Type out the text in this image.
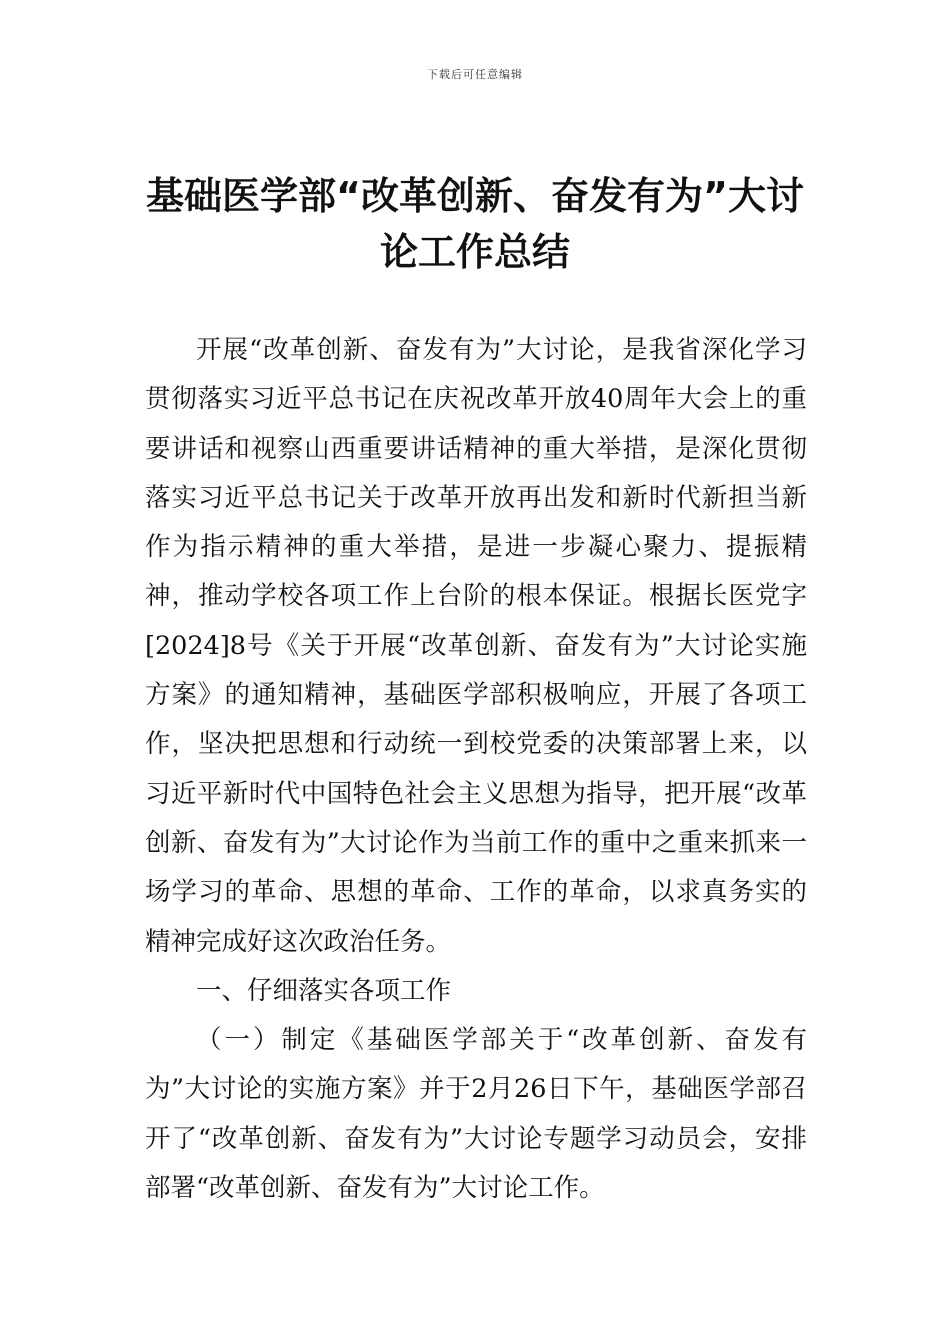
下载后可任意编辑
基础医学部“改革创新、奋发有为”大讨论工作总结

开展“改革创新、奋发有为”大讨论，是我省深化学习贯彻落实习近平总书记在庆祝改革开放40周年大会上的重要讲话和视察山西重要讲话精神的重大举措，是深化贯彻落实习近平总书记关于改革开放再出发和新时代新担当新作为指示精神的重大举措，是进一步凝心聚力、提振精神，推动学校各项工作上台阶的根本保证。根据长医党字[2024]8号《关于开展“改革创新、奋发有为”大讨论实施方案》的通知精神，基础医学部积极响应，开展了各项工作，坚决把思想和行动统一到校党委的决策部署上来，以习近平新时代中国特色社会主义思想为指导，把开展“改革创新、奋发有为”大讨论作为当前工作的重中之重来抓来一场学习的革命、思想的革命、工作的革命，以求真务实的精神完成好这次政治任务。

一、仔细落实各项工作

（一）制定《基础医学部关于“改革创新、奋发有为”大讨论的实施方案》并于2月26日下午，基础医学部召开了“改革创新、奋发有为”大讨论专题学习动员会，安排部署“改革创新、奋发有为”大讨论工作。
